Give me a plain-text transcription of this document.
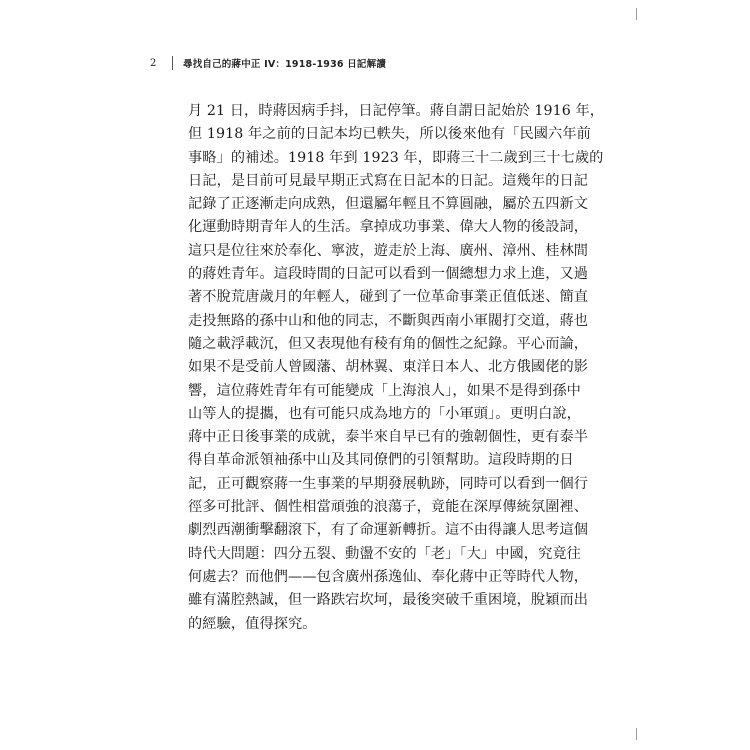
2	尋找自己的蔣中正 IV：1918-1936 日記解讀
月 21 日，時蔣因病手抖，日記停筆。蔣自謂日記始於 1916 年，
但 1918 年之前的日記本均已軼失，所以後來他有「民國六年前
事略」的補述。1918 年到 1923 年，即蔣三十二歲到三十七歲的
日記，是目前可見最早期正式寫在日記本的日記。這幾年的日記
記錄了正逐漸走向成熟，但還屬年輕且不算圓融，屬於五四新文
化運動時期青年人的生活。拿掉成功事業、偉大人物的後設詞，
這只是位往來於奉化、寧波，遊走於上海、廣州、漳州、桂林間
的蔣姓青年。這段時間的日記可以看到一個總想力求上進，又過
著不脫荒唐歲月的年輕人，碰到了一位革命事業正值低迷、簡直
走投無路的孫中山和他的同志，不斷與西南小軍閥打交道，蔣也
隨之載浮載沉，但又表現他有稜有角的個性之紀錄。平心而論，
如果不是受前人曾國藩、胡林翼、東洋日本人、北方俄國佬的影
響，這位蔣姓青年有可能變成「上海浪人」，如果不是得到孫中
山等人的提攜，也有可能只成為地方的「小軍頭」。更明白說，
蔣中正日後事業的成就，泰半來自早已有的強韌個性，更有泰半
得自革命派領袖孫中山及其同僚們的引領幫助。這段時期的日
記，正可觀察蔣一生事業的早期發展軌跡，同時可以看到一個行
徑多可批評、個性相當頑強的浪蕩子，竟能在深厚傳統氛圍裡、
劇烈西潮衝擊翻滾下，有了命運新轉折。這不由得讓人思考這個
時代大問題：四分五裂、動盪不安的「老」「大」中國，究竟往
何處去？而他們——包含廣州孫逸仙、奉化蔣中正等時代人物，
雖有滿腔熱誠，但一路跌宕坎坷，最後突破千重困境，脫穎而出
的經驗，值得探究。
